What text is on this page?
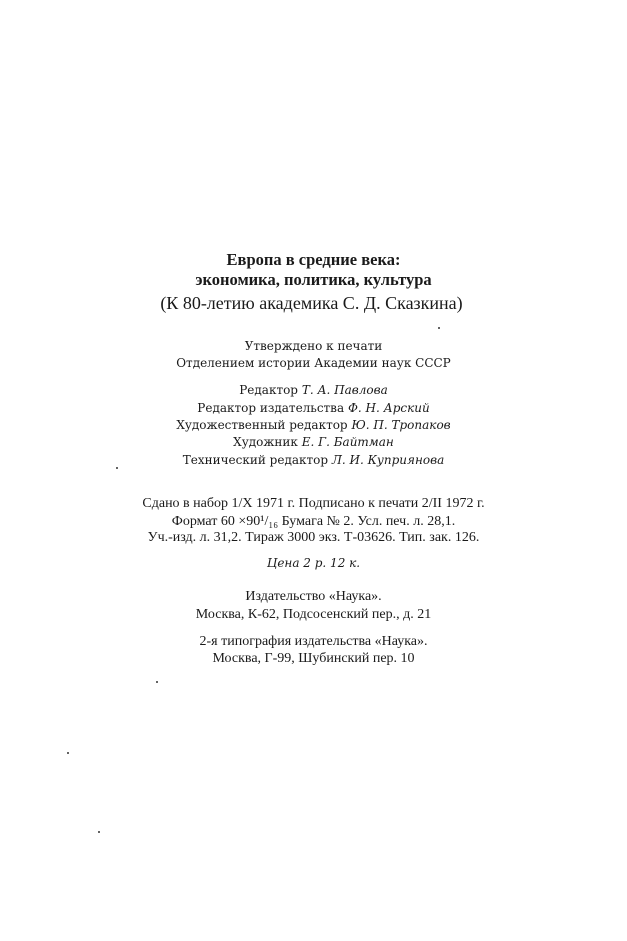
Европа в средние века:
экономика, политика, культура
(К 80-летию академика С. Д. Сказкина)
Утверждено к печати
Отделением истории Академии наук СССР
Редактор Т. А. Павлова
Редактор издательства Ф. Н. Арский
Художественный редактор Ю. П. Тропаков
Художник Е. Г. Байтман
Технический редактор Л. И. Куприянова
Сдано в набор 1/X 1971 г. Подписано к печати 2/II 1972 г.
Формат 60 ×90¹/₁₆ Бумага № 2. Усл. печ. л. 28,1.
Уч.-изд. л. 31,2. Тираж 3000 экз. Т-03626. Тип. зак. 126.
Цена 2 р. 12 к.
Издательство «Наука».
Москва, К-62, Подсосенский пер., д. 21
2-я типография издательства «Наука».
Москва, Г-99, Шубинский пер. 10
